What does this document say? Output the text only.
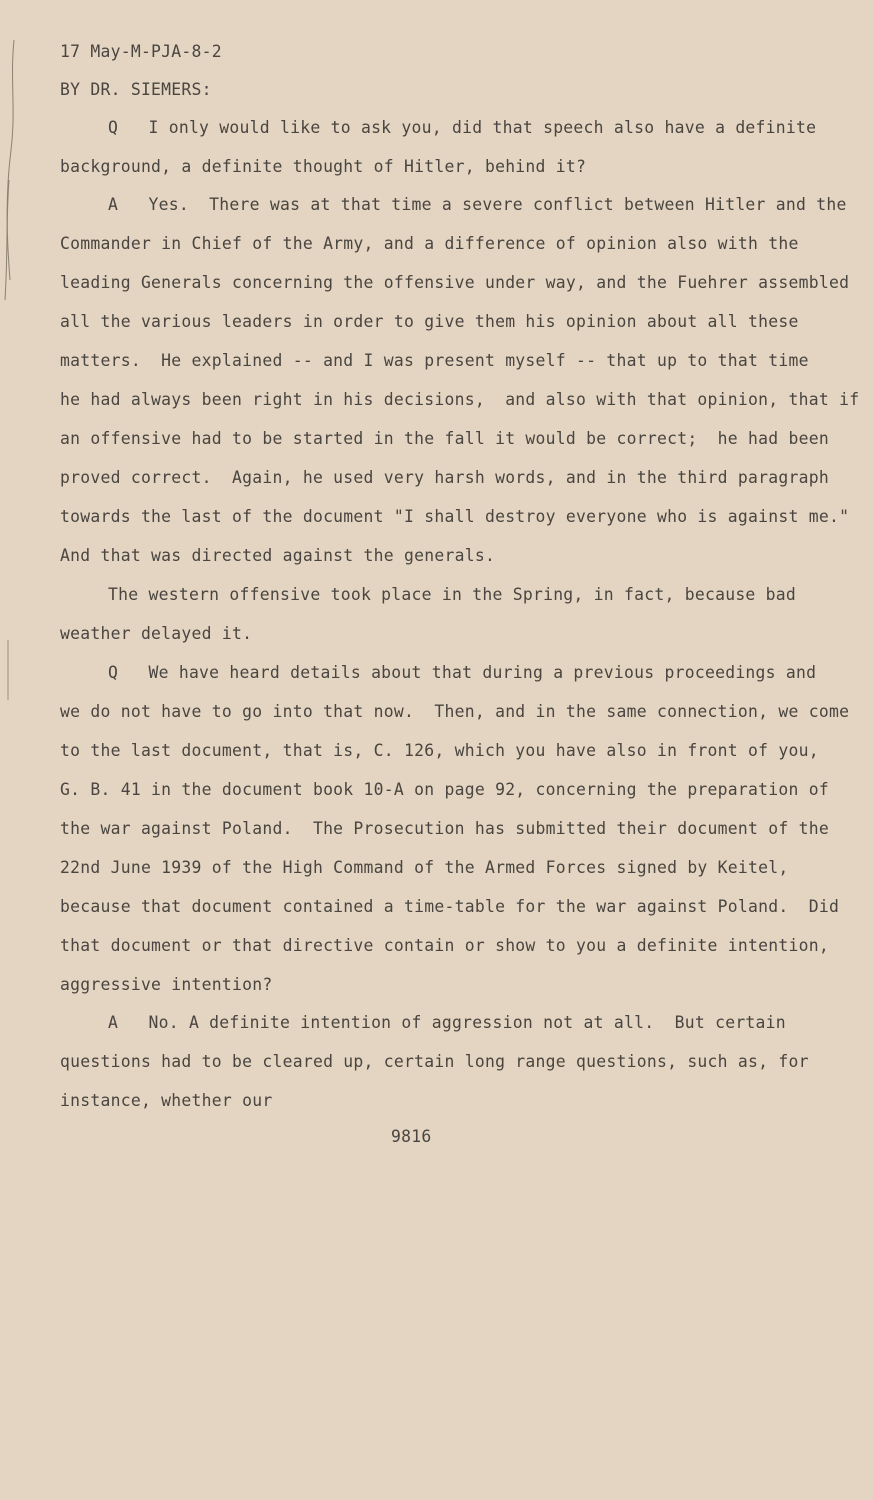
17 May-M-PJA-8-2
BY DR. SIEMERS:
Q   I only would like to ask you, did that speech also have a definite
background, a definite thought of Hitler, behind it?
A   Yes.  There was at that time a severe conflict between Hitler and the
Commander in Chief of the Army, and a difference of opinion also with the
leading Generals concerning the offensive under way, and the Fuehrer assembled
all the various leaders in order to give them his opinion about all these
matters.  He explained -- and I was present myself -- that up to that time
he had always been right in his decisions,  and also with that opinion, that if
an offensive had to be started in the fall it would be correct;  he had been
proved correct.  Again, he used very harsh words, and in the third paragraph
towards the last of the document "I shall destroy everyone who is against me."
And that was directed against the generals.
The western offensive took place in the Spring, in fact, because bad
weather delayed it.
Q   We have heard details about that during a previous proceedings and
we do not have to go into that now.  Then, and in the same connection, we come
to the last document, that is, C. 126, which you have also in front of you,
G. B. 41 in the document book 10-A on page 92, concerning the preparation of
the war against Poland.  The Prosecution has submitted their document of the
22nd June 1939 of the High Command of the Armed Forces signed by Keitel,
because that document contained a time-table for the war against Poland.  Did
that document or that directive contain or show to you a definite intention,
aggressive intention?
A   No. A definite intention of aggression not at all.  But certain
questions had to be cleared up, certain long range questions, such as, for
instance, whether our
9816
